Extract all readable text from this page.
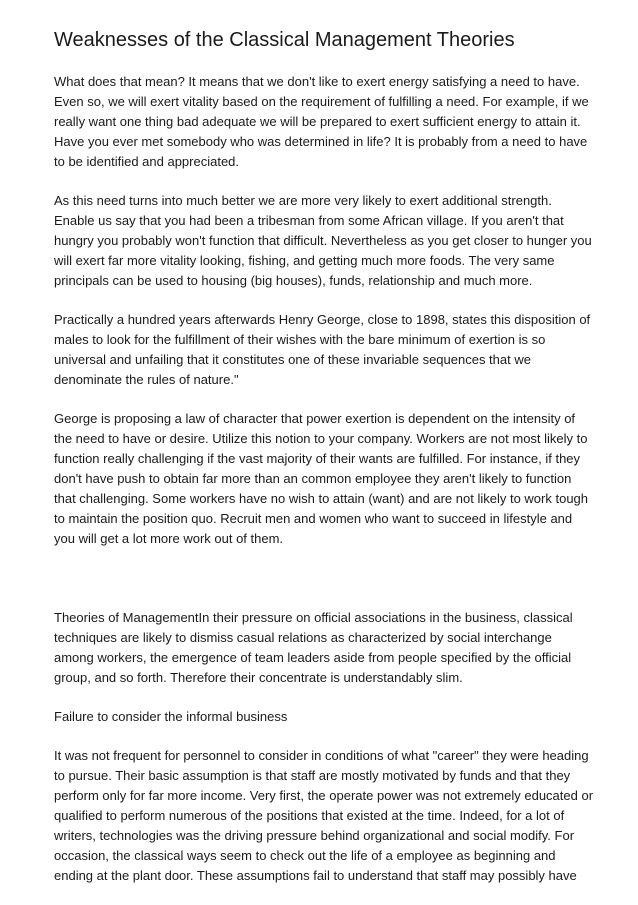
Weaknesses of the Classical Management Theories

What does that mean? It means that we don't like to exert energy satisfying a need to have. Even so, we will exert vitality based on the requirement of fulfilling a need. For example, if we really want one thing bad adequate we will be prepared to exert sufficient energy to attain it. Have you ever met somebody who was determined in life? It is probably from a need to have to be identified and appreciated.

As this need turns into much better we are more very likely to exert additional strength. Enable us say that you had been a tribesman from some African village. If you aren't that hungry you probably won't function that difficult. Nevertheless as you get closer to hunger you will exert far more vitality looking, fishing, and getting much more foods. The very same principals can be used to housing (big houses), funds, relationship and much more.

Practically a hundred years afterwards Henry George, close to 1898, states this disposition of males to look for the fulfillment of their wishes with the bare minimum of exertion is so universal and unfailing that it constitutes one of these invariable sequences that we denominate the rules of nature."

George is proposing a law of character that power exertion is dependent on the intensity of the need to have or desire. Utilize this notion to your company. Workers are not most likely to function really challenging if the vast majority of their wants are fulfilled. For instance, if they don't have push to obtain far more than an common employee they aren't likely to function that challenging. Some workers have no wish to attain (want) and are not likely to work tough to maintain the position quo. Recruit men and women who want to succeed in lifestyle and you will get a lot more work out of them.

Theories of ManagementIn their pressure on official associations in the business, classical techniques are likely to dismiss casual relations as characterized by social interchange among workers, the emergence of team leaders aside from people specified by the official group, and so forth. Therefore their concentrate is understandably slim.

Failure to consider the informal business

It was not frequent for personnel to consider in conditions of what "career" they were heading to pursue. Their basic assumption is that staff are mostly motivated by funds and that they perform only for far more income. Very first, the operate power was not extremely educated or qualified to perform numerous of the positions that existed at the time. Indeed, for a lot of writers, technologies was the driving pressure behind organizational and social modify. For occasion, the classical ways seem to check out the life of a employee as beginning and ending at the plant door. These assumptions fail to understand that staff may possibly have
